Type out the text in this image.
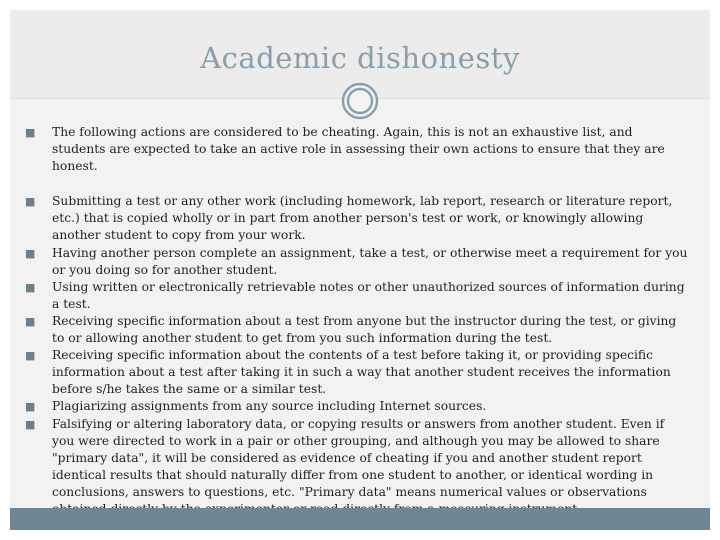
Academic dishonesty
■ The following actions are considered to be cheating. Again, this is not an exhaustive list, and students are expected to take an active role in assessing their own actions to ensure that they are honest.
■ Submitting a test or any other work (including homework, lab report, research or literature report, etc.) that is copied wholly or in part from another person's test or work, or knowingly allowing another student to copy from your work.
■ Having another person complete an assignment, take a test, or otherwise meet a requirement for you or you doing so for another student.
■ Using written or electronically retrievable notes or other unauthorized sources of information during a test.
■ Receiving specific information about a test from anyone but the instructor during the test, or giving to or allowing another student to get from you such information during the test.
■ Receiving specific information about the contents of a test before taking it, or providing specific information about a test after taking it in such a way that another student receives the information before s/he takes the same or a similar test.
■ Plagiarizing assignments from any source including Internet sources.
■ Falsifying or altering laboratory data, or copying results or answers from another student. Even if you were directed to work in a pair or other grouping, and although you may be allowed to share "primary data", it will be considered as evidence of cheating if you and another student report identical results that should naturally differ from one student to another, or identical wording in conclusions, answers to questions, etc. "Primary data" means numerical values or observations
